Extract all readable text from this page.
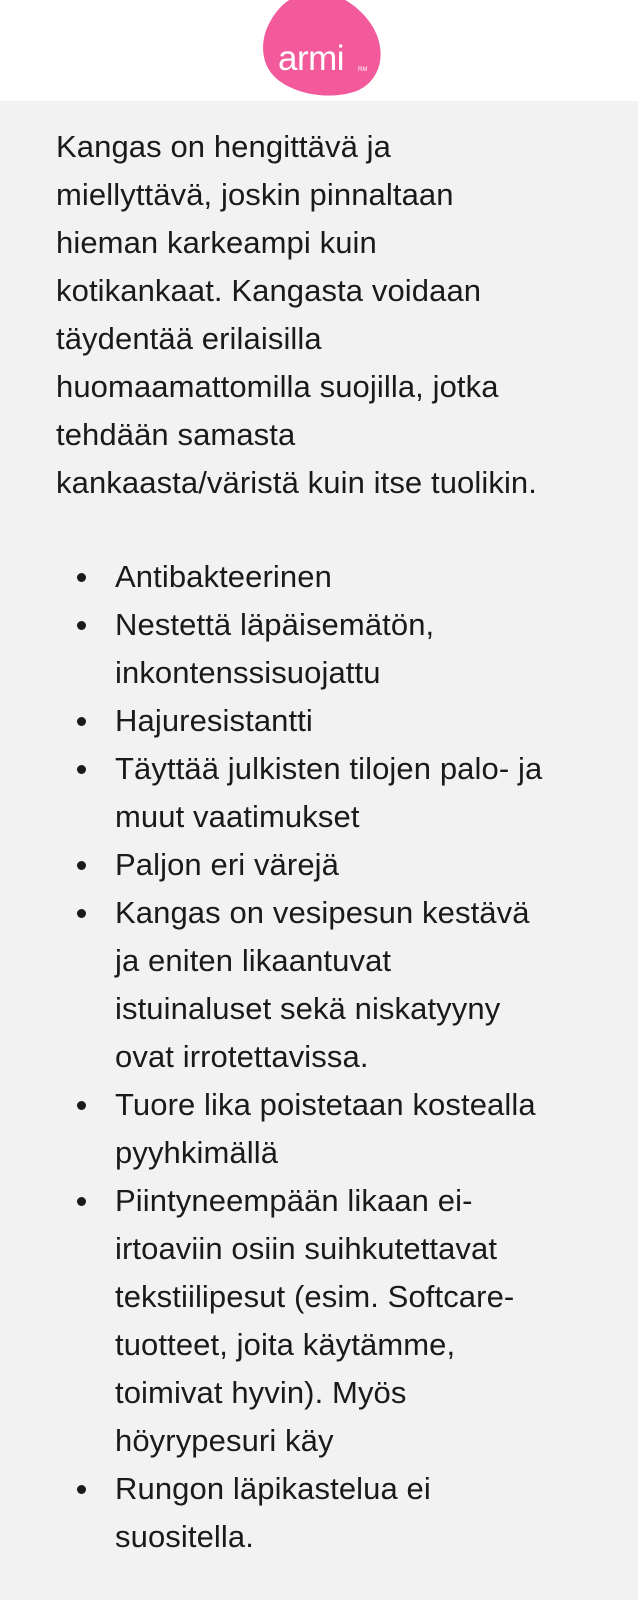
armi RM

Kangas on hengittävä ja
miellyttävä, joskin pinnaltaan
hieman karkeampi kuin
kotikankaat. Kangasta voidaan
täydentää erilaisilla
huomaamattomilla suojilla, jotka
tehdään samasta
kankaasta/väristä kuin itse tuolikin.

Antibakteerinen
Nestettä läpäisemätön,
inkontenssisuojattu
Hajuresistantti
Täyttää julkisten tilojen palo- ja
muut vaatimukset
Paljon eri värejä
Kangas on vesipesun kestävä
ja eniten likaantuvat
istuinaluset sekä niskatyyny
ovat irrotettavissa.
Tuore lika poistetaan kostealla
pyyhkimällä
Piintyneempään likaan ei-
irtoaviin osiin suihkutettavat
tekstiilipesut (esim. Softcare-
tuotteet, joita käytämme,
toimivat hyvin). Myös
höyrypesuri käy
Rungon läpikastelua ei
suositella.
